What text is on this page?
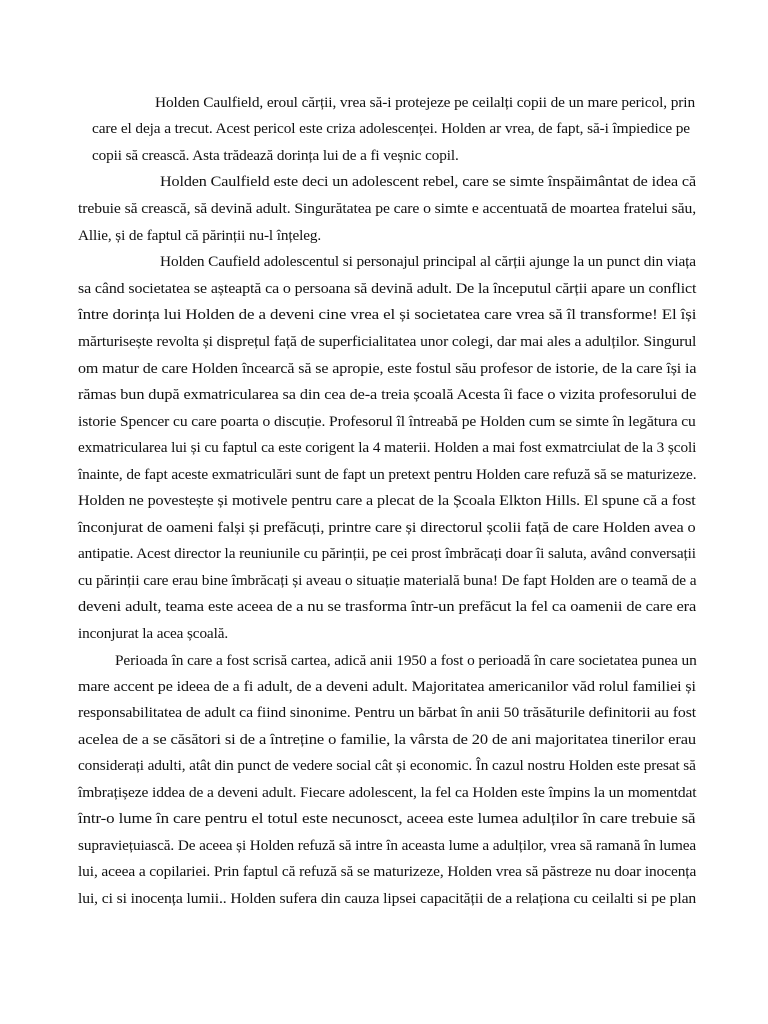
Holden Caulfield, eroul cărții, vrea să-i protejeze pe ceilalți copii de un mare pericol, prin
care el deja a trecut. Acest pericol este criza adolescenței. Holden ar vrea, de fapt, să-i împiedice pe
copii să crească. Asta trădează dorința lui de a fi veșnic copil.
Holden Caulfield este deci un adolescent rebel, care se simte înspăimântat de idea că
trebuie să crească, să devină adult. Singurătatea pe care o simte e accentuată de moartea fratelui său,
Allie, și de faptul că părinții nu-l înțeleg.
Holden Caufield adolescentul si personajul principal al cărții ajunge la un punct din viața
sa când societatea se așteaptă ca o persoana să devină adult. De la începutul cărții apare un conflict
între dorința lui Holden de a deveni cine vrea el și societatea care vrea să îl transforme! El își
mărturisește revolta și disprețul față de superficialitatea unor colegi, dar mai ales a adulților. Singurul
om matur de care Holden încearcă să se apropie, este fostul său profesor de istorie, de la care își ia
rămas bun după exmatricularea sa din cea de-a treia școală Acesta îi face o vizita profesorului de
istorie Spencer cu care poarta o discuție. Profesorul îl întreabă pe Holden cum se simte în legătura cu
exmatricularea lui și cu faptul ca este corigent la 4 materii. Holden a mai fost exmatrciulat de la 3 școli
înainte, de fapt aceste exmatriculări sunt de fapt un pretext pentru Holden care refuză să se maturizeze.
Holden ne povestește și motivele pentru care a plecat de la Școala Elkton Hills. El spune că a fost
înconjurat de oameni falși și prefăcuți, printre care și directorul școlii față de care Holden avea o
antipatie. Acest director la reuniunile cu părinții, pe cei prost îmbrăcați doar îi saluta, având conversații
cu părinții care erau bine îmbrăcați și aveau o situație materială buna! De fapt Holden are o teamă de a
deveni adult, teama este aceea de a nu se trasforma într-un prefăcut la fel ca oamenii de care era
inconjurat la acea școală.
Perioada în care a fost scrisă cartea, adică anii 1950 a fost o perioadă în care societatea punea un
mare accent pe ideea de a fi adult, de a deveni adult. Majoritatea americanilor văd rolul familiei și
responsabilitatea de adult ca fiind sinonime. Pentru un bărbat în anii 50 trăsăturile definitorii au fost
acelea de a se căsători si de a întreține o familie, la vârsta de 20 de ani majoritatea tinerilor erau
considerați adulti, atât din punct de vedere social cât și economic. În cazul nostru Holden este presat să
îmbrațișeze iddea de a deveni adult. Fiecare adolescent, la fel ca Holden este împins la un momentdat
într-o lume în care pentru el totul este necunosct, aceea este lumea adulților în care trebuie să
supraviețuiască. De aceea și Holden refuză să intre în aceasta lume a adulților, vrea să ramană în lumea
lui, aceea a copilariei. Prin faptul că refuză să se maturizeze, Holden vrea să păstreze nu doar inocența
lui, ci si inocența lumii.. Holden sufera din cauza lipsei capacității de a relaționa cu ceilalti si pe plan
